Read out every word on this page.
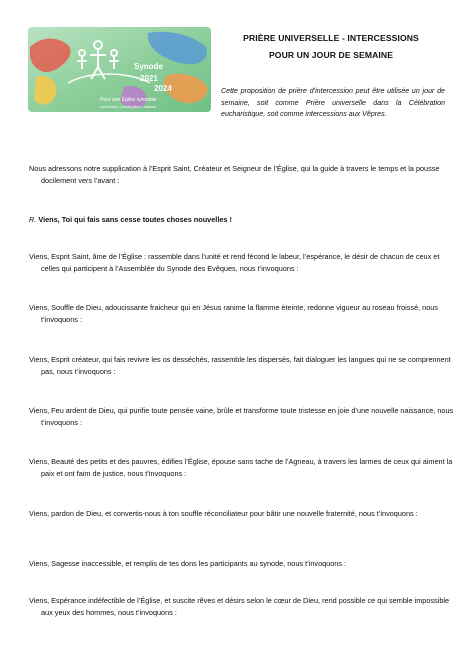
Synode
2021
2024
Pour une Église synodale
communion | participation | mission
PRIÈRE UNIVERSELLE - INTERCESSIONS
POUR UN JOUR DE SEMAINE
Cette proposition de prière d’intercession peut être utilisée un jour de semaine, soit comme Prière universelle dans la Célébration eucharistique, soit comme intercessions aux Vêpres.
Nous adressons notre supplication à l’Esprit Saint, Créateur et Seigneur de l’Église, qui la guide à travers le temps et la pousse docilement vers l’avant :
R. Viens, Toi qui fais sans cesse toutes choses nouvelles !
Viens, Esprit Saint, âme de l’Église : rassemble dans l’unité et rend fécond le labeur, l’espérance, le désir de chacun de ceux et celles qui participent à l’Assemblée du Synode des Evêques, nous t’invoquons :
Viens, Souffle de Dieu, adoucissante fraicheur qui en Jésus ranime la flamme éteinte, redonne vigueur au roseau froissé, nous t’invoquons :
Viens, Esprit créateur, qui fais revivre les os desséchés, rassemble les dispersés, fait dialoguer les langues qui ne se comprennent pas, nous t’invoquons :
Viens, Feu ardent de Dieu, qui purifie toute pensée vaine, brûle et transforme toute tristesse en joie d’une nouvelle naissance, nous t’invoquons :
Viens, Beauté des petits et des pauvres, édifies l’Église, épouse sans tache de l’Agneau, à travers les larmes de ceux qui aiment la paix et ont faim de justice, nous t’invoquons :
Viens, pardon de Dieu, et convertis-nous à ton souffle réconciliateur pour bâtir une nouvelle fraternité, nous t’invoquons :
Viens, Sagesse inaccessible, et remplis de tes dons les participants au synode, nous t’invoquons :
Viens, Espérance indéfectible de l’Église, et suscite rêves et désirs selon le cœur de Dieu, rend possible ce qui semble impossible aux yeux des hommes, nous t’invoquons :
